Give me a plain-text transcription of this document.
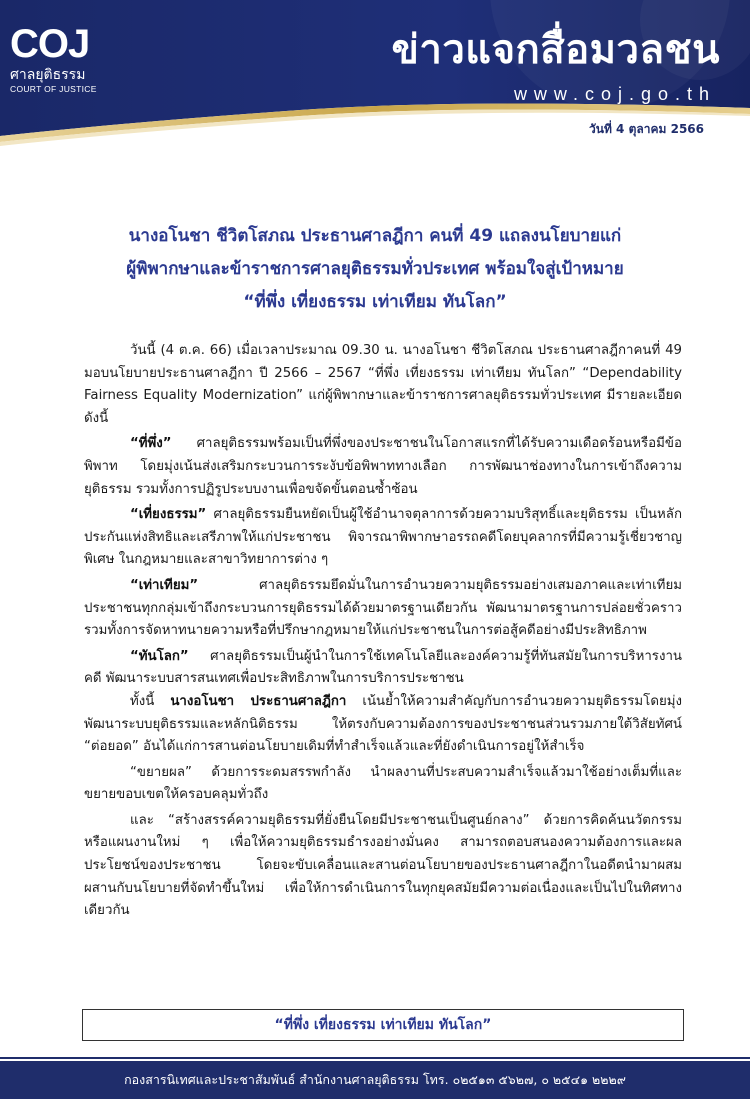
COJ
ศาลยุติธรรม
COURT OF JUSTICE
ข่าวแจกสื่อมวลชน
www.coj.go.th
วันที่ 4 ตุลาคม 2566
นางอโนชา ชีวิตโสภณ ประธานศาลฎีกา คนที่ 49 แถลงนโยบายแก่
ผู้พิพากษาและข้าราชการศาลยุติธรรมทั่วประเทศ พร้อมใจสู่เป้าหมาย
“ที่พึ่ง เที่ยงธรรม เท่าเทียม ทันโลก”

วันนี้ (4 ต.ค. 66) เมื่อเวลาประมาณ 09.30 น. นางอโนชา ชีวิตโสภณ ประธานศาลฎีกาคนที่ 49 มอบนโยบายประธานศาลฎีกา ปี 2566 – 2567 “ที่พึ่ง เที่ยงธรรม เท่าเทียม ทันโลก” “Dependability Fairness Equality Modernization” แก่ผู้พิพากษาและข้าราชการศาลยุติธรรมทั่วประเทศ มีรายละเอียด ดังนี้

“ที่พึ่ง” ศาลยุติธรรมพร้อมเป็นที่พึ่งของประชาชนในโอกาสแรกที่ได้รับความเดือดร้อนหรือมีข้อพิพาท โดยมุ่งเน้นส่งเสริมกระบวนการระงับข้อพิพาททางเลือก การพัฒนาช่องทางในการเข้าถึงความยุติธรรม รวมทั้งการปฏิรูประบบงานเพื่อขจัดขั้นตอนซ้ำซ้อน

“เที่ยงธรรม” ศาลยุติธรรมยืนหยัดเป็นผู้ใช้อำนาจตุลาการด้วยความบริสุทธิ์และยุติธรรม เป็นหลักประกันแห่งสิทธิและเสรีภาพให้แก่ประชาชน พิจารณาพิพากษาอรรถคดีโดยบุคลากรที่มีความรู้เชี่ยวชาญพิเศษ ในกฎหมายและสาขาวิทยาการต่าง ๆ

“เท่าเทียม” ศาลยุติธรรมยึดมั่นในการอำนวยความยุติธรรมอย่างเสมอภาคและเท่าเทียม ประชาชนทุกกลุ่มเข้าถึงกระบวนการยุติธรรมได้ด้วยมาตรฐานเดียวกัน พัฒนามาตรฐานการปล่อยชั่วคราว รวมทั้งการจัดหาทนายความหรือที่ปรึกษากฎหมายให้แก่ประชาชนในการต่อสู้คดีอย่างมีประสิทธิภาพ

“ทันโลก” ศาลยุติธรรมเป็นผู้นำในการใช้เทคโนโลยีและองค์ความรู้ที่ทันสมัยในการบริหารงานคดี พัฒนาระบบสารสนเทศเพื่อประสิทธิภาพในการบริการประชาชน

ทั้งนี้ นางอโนชา ประธานศาลฎีกา เน้นย้ำให้ความสำคัญกับการอำนวยความยุติธรรมโดยมุ่งพัฒนาระบบยุติธรรมและหลักนิติธรรม ให้ตรงกับความต้องการของประชาชนส่วนรวมภายใต้วิสัยทัศน์ “ต่อยอด” อันได้แก่การสานต่อนโยบายเดิมที่ทำสำเร็จแล้วและที่ยังดำเนินการอยู่ให้สำเร็จ

“ขยายผล” ด้วยการระดมสรรพกำลัง นำผลงานที่ประสบความสำเร็จแล้วมาใช้อย่างเต็มที่และขยายขอบเขตให้ครอบคลุมทั่วถึง

และ “สร้างสรรค์ความยุติธรรมที่ยั่งยืนโดยมีประชาชนเป็นศูนย์กลาง” ด้วยการคิดค้นนวัตกรรมหรือแผนงานใหม่ ๆ เพื่อให้ความยุติธรรมธำรงอย่างมั่นคง สามารถตอบสนองความต้องการและผลประโยชน์ของประชาชน โดยจะขับเคลื่อนและสานต่อนโยบายของประธานศาลฎีกาในอดีตนำมาผสมผสานกับนโยบายที่จัดทำขึ้นใหม่ เพื่อให้การดำเนินการในทุกยุคสมัยมีความต่อเนื่องและเป็นไปในทิศทางเดียวกัน

“ที่พึ่ง เที่ยงธรรม เท่าเทียม ทันโลก”
กองสารนิเทศและประชาสัมพันธ์ สำนักงานศาลยุติธรรม โทร. ๐๒๕๑๓ ๕๖๒๗, ๐ ๒๕๔๑ ๒๒๒๙
